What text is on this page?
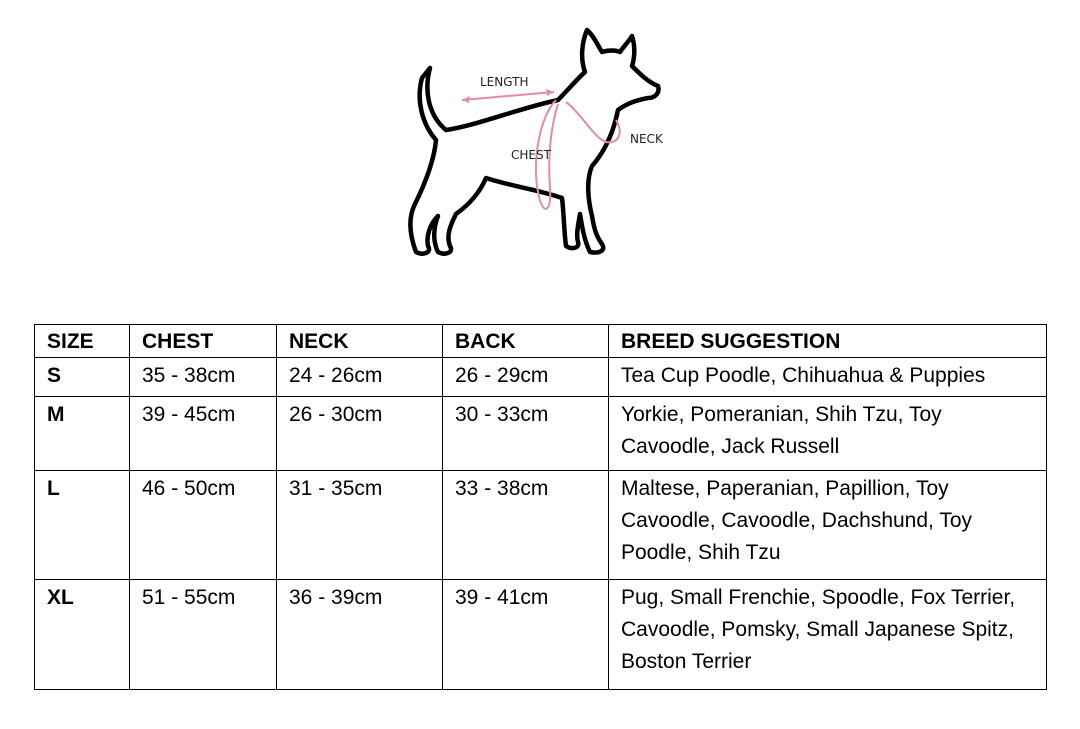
LENGTH
CHEST
NECK
SIZE	CHEST	NECK	BACK	BREED SUGGESTION
S	35 - 38cm	24 - 26cm	26 - 29cm	Tea Cup Poodle, Chihuahua & Puppies
M	39 - 45cm	26 - 30cm	30 - 33cm	Yorkie, Pomeranian, Shih Tzu, Toy Cavoodle, Jack Russell
L	46 - 50cm	31 - 35cm	33 - 38cm	Maltese, Paperanian, Papillion, Toy Cavoodle, Cavoodle, Dachshund, Toy Poodle, Shih Tzu
XL	51 - 55cm	36 - 39cm	39 - 41cm	Pug, Small Frenchie, Spoodle, Fox Terrier, Cavoodle, Pomsky, Small Japanese Spitz, Boston Terrier
